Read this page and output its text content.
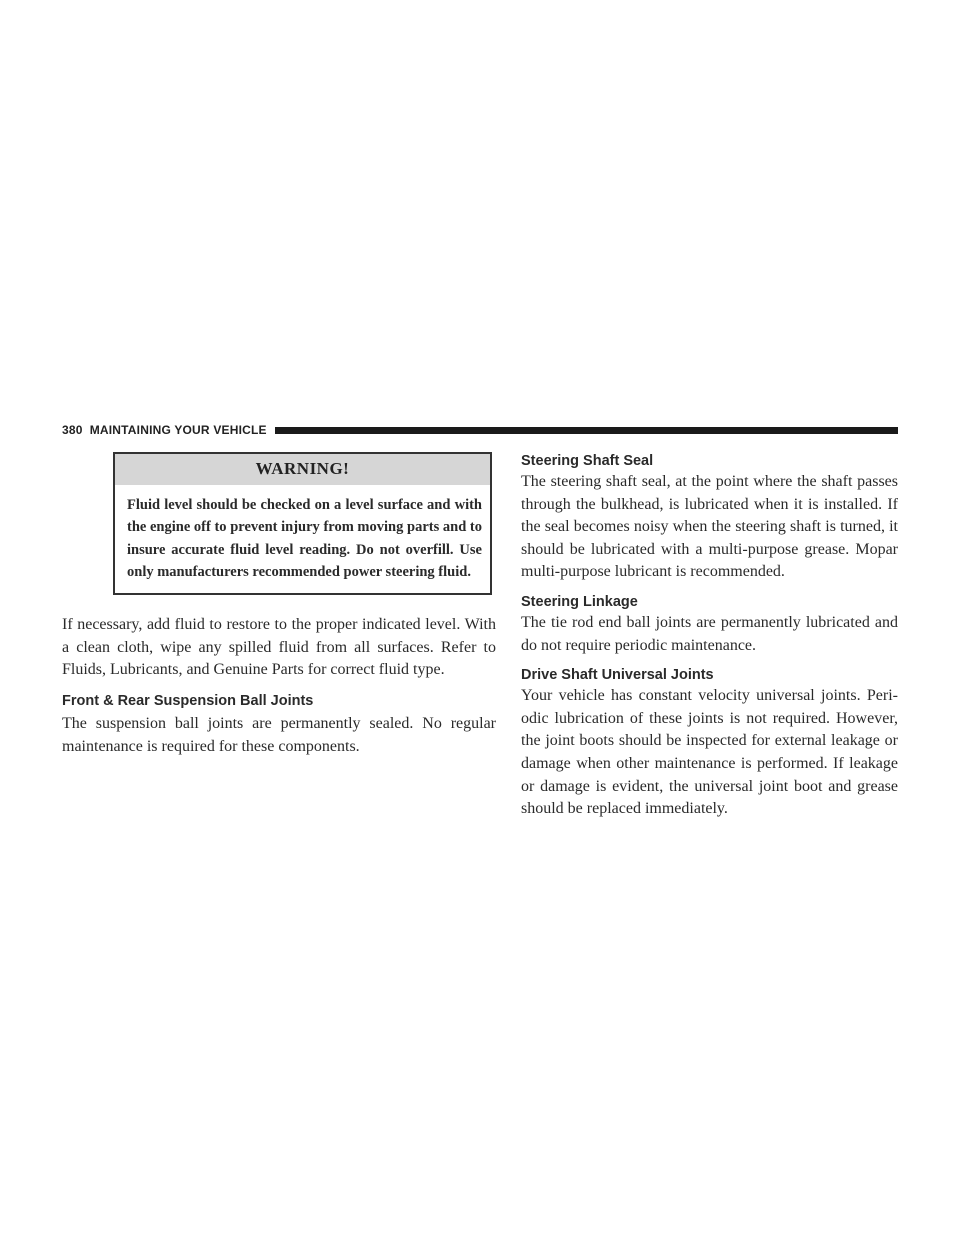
380 MAINTAINING YOUR VEHICLE
WARNING!
Fluid level should be checked on a level surface and with the engine off to prevent injury from moving parts and to insure accurate fluid level reading. Do not overfill. Use only manufacturers recommended power steering fluid.

If necessary, add fluid to restore to the proper indicated level. With a clean cloth, wipe any spilled fluid from all surfaces. Refer to Fluids, Lubricants, and Genuine Parts for correct fluid type.

Front & Rear Suspension Ball Joints

The suspension ball joints are permanently sealed. No regular maintenance is required for these components.

Steering Shaft Seal

The steering shaft seal, at the point where the shaft passes through the bulkhead, is lubricated when it is installed. If the seal becomes noisy when the steering shaft is turned, it should be lubricated with a multi-purpose grease. Mopar multi-purpose lubricant is recommended.

Steering Linkage

The tie rod end ball joints are permanently lubricated and do not require periodic maintenance.

Drive Shaft Universal Joints

Your vehicle has constant velocity universal joints. Peri-odic lubrication of these joints is not required. However, the joint boots should be inspected for external leakage or damage when other maintenance is performed. If leakage or damage is evident, the universal joint boot and grease should be replaced immediately.
